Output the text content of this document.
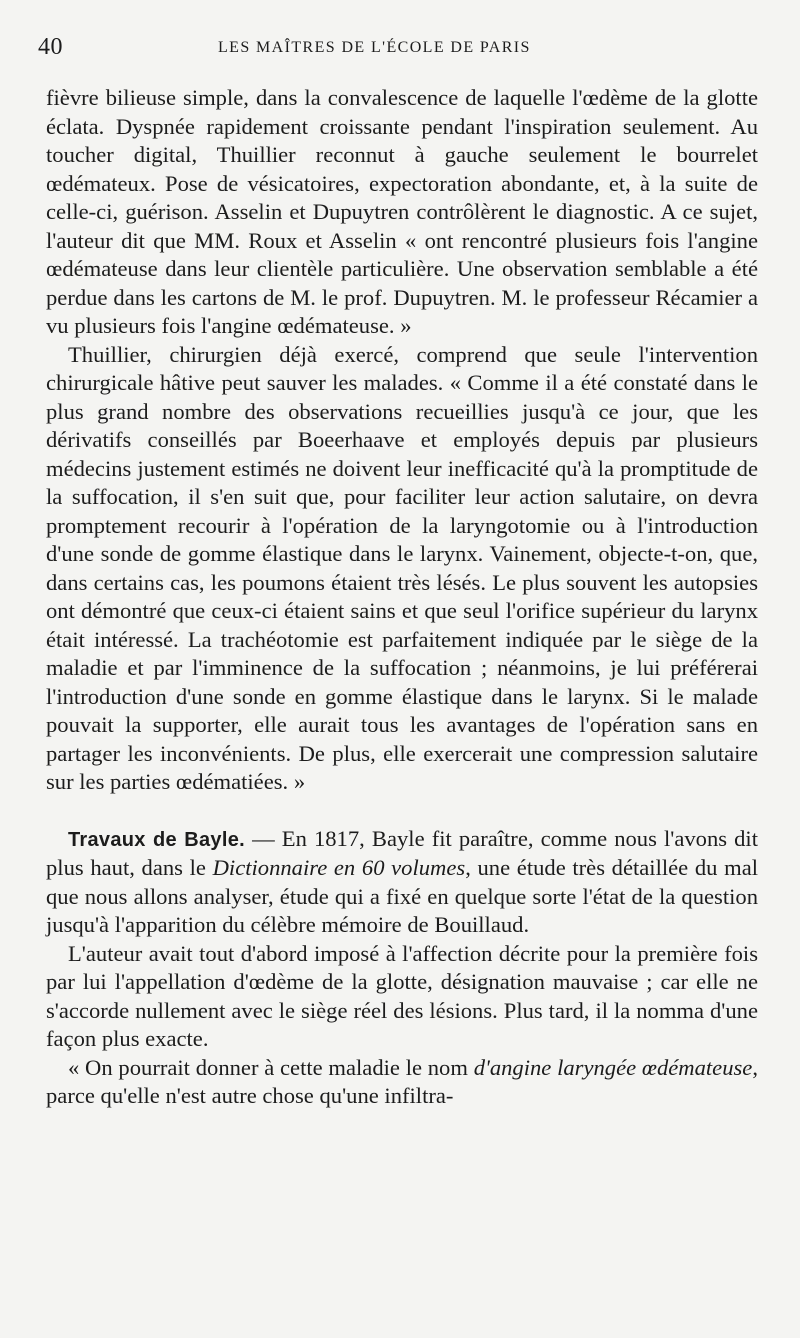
40	LES MAÎTRES DE L'ÉCOLE DE PARIS

fièvre bilieuse simple, dans la convalescence de laquelle l'œdème de la glotte éclata. Dyspnée rapidement croissante pendant l'inspiration seulement. Au toucher digital, Thuillier reconnut à gauche seulement le bourrelet œdémateux. Pose de vésicatoires, expectoration abondante, et, à la suite de celle-ci, guérison. Asselin et Dupuytren contrôlèrent le diagnostic. A ce sujet, l'auteur dit que MM. Roux et Asselin « ont rencontré plusieurs fois l'angine œdémateuse dans leur clientèle particulière. Une observation semblable a été perdue dans les cartons de M. le prof. Dupuytren. M. le professeur Récamier a vu plusieurs fois l'angine œdémateuse. »

Thuillier, chirurgien déjà exercé, comprend que seule l'intervention chirurgicale hâtive peut sauver les malades. « Comme il a été constaté dans le plus grand nombre des observations recueillies jusqu'à ce jour, que les dérivatifs conseillés par Boeerhaave et employés depuis par plusieurs médecins justement estimés ne doivent leur inefficacité qu'à la promptitude de la suffocation, il s'en suit que, pour faciliter leur action salutaire, on devra promptement recourir à l'opération de la laryngotomie ou à l'introduction d'une sonde de gomme élastique dans le larynx. Vainement, objecte-t-on, que, dans certains cas, les poumons étaient très lésés. Le plus souvent les autopsies ont démontré que ceux-ci étaient sains et que seul l'orifice supérieur du larynx était intéressé. La trachéotomie est parfaitement indiquée par le siège de la maladie et par l'imminence de la suffocation ; néanmoins, je lui préférerai l'introduction d'une sonde en gomme élastique dans le larynx. Si le malade pouvait la supporter, elle aurait tous les avantages de l'opération sans en partager les inconvénients. De plus, elle exercerait une compression salutaire sur les parties œdématiées. »

Travaux de Bayle. — En 1817, Bayle fit paraître, comme nous l'avons dit plus haut, dans le Dictionnaire en 60 volumes, une étude très détaillée du mal que nous allons analyser, étude qui a fixé en quelque sorte l'état de la question jusqu'à l'apparition du célèbre mémoire de Bouillaud.

L'auteur avait tout d'abord imposé à l'affection décrite pour la première fois par lui l'appellation d'œdème de la glotte, désignation mauvaise ; car elle ne s'accorde nullement avec le siège réel des lésions. Plus tard, il la nomma d'une façon plus exacte.

« On pourrait donner à cette maladie le nom d'angine laryngée œdémateuse, parce qu'elle n'est autre chose qu'une infiltra-
